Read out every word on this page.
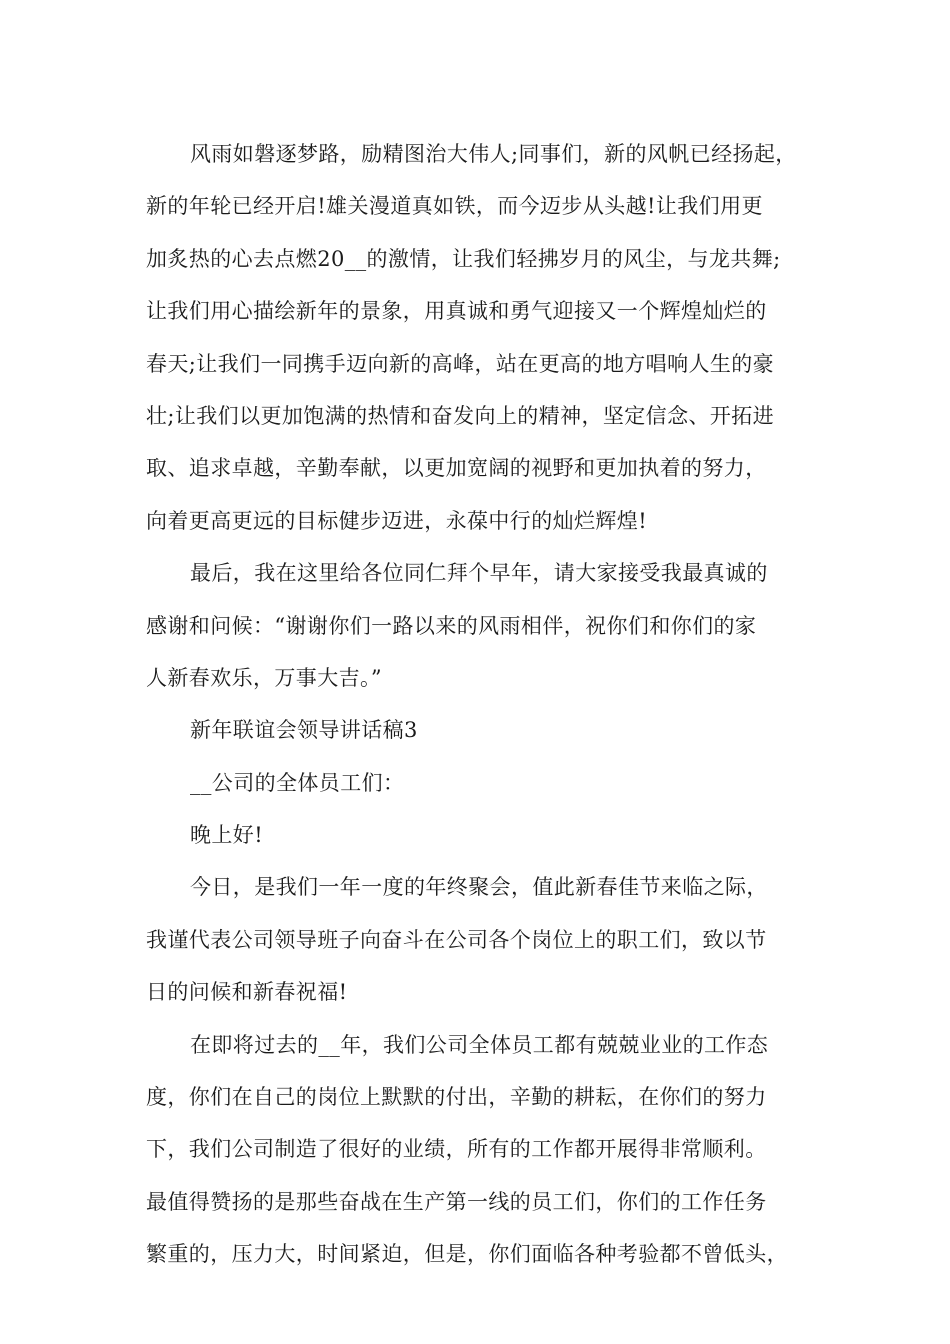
风雨如磐逐梦路，励精图治大伟人;同事们，新的风帆已经扬起，
新的年轮已经开启!雄关漫道真如铁，而今迈步从头越!让我们用更
加炙热的心去点燃20__的激情，让我们轻拂岁月的风尘，与龙共舞;
让我们用心描绘新年的景象，用真诚和勇气迎接又一个辉煌灿烂的
春天;让我们一同携手迈向新的高峰，站在更高的地方唱响人生的豪
壮;让我们以更加饱满的热情和奋发向上的精神，坚定信念、开拓进
取、追求卓越，辛勤奉献，以更加宽阔的视野和更加执着的努力，
向着更高更远的目标健步迈进，永葆中行的灿烂辉煌!
最后，我在这里给各位同仁拜个早年，请大家接受我最真诚的
感谢和问候：“谢谢你们一路以来的风雨相伴，祝你们和你们的家
人新春欢乐，万事大吉。”
新年联谊会领导讲话稿3
__公司的全体员工们：
晚上好!
今日，是我们一年一度的年终聚会，值此新春佳节来临之际，
我谨代表公司领导班子向奋斗在公司各个岗位上的职工们，致以节
日的问候和新春祝福!
在即将过去的__年，我们公司全体员工都有兢兢业业的工作态
度，你们在自己的岗位上默默的付出，辛勤的耕耘，在你们的努力
下，我们公司制造了很好的业绩，所有的工作都开展得非常顺利。
最值得赞扬的是那些奋战在生产第一线的员工们，你们的工作任务
繁重的，压力大，时间紧迫，但是，你们面临各种考验都不曾低头，
